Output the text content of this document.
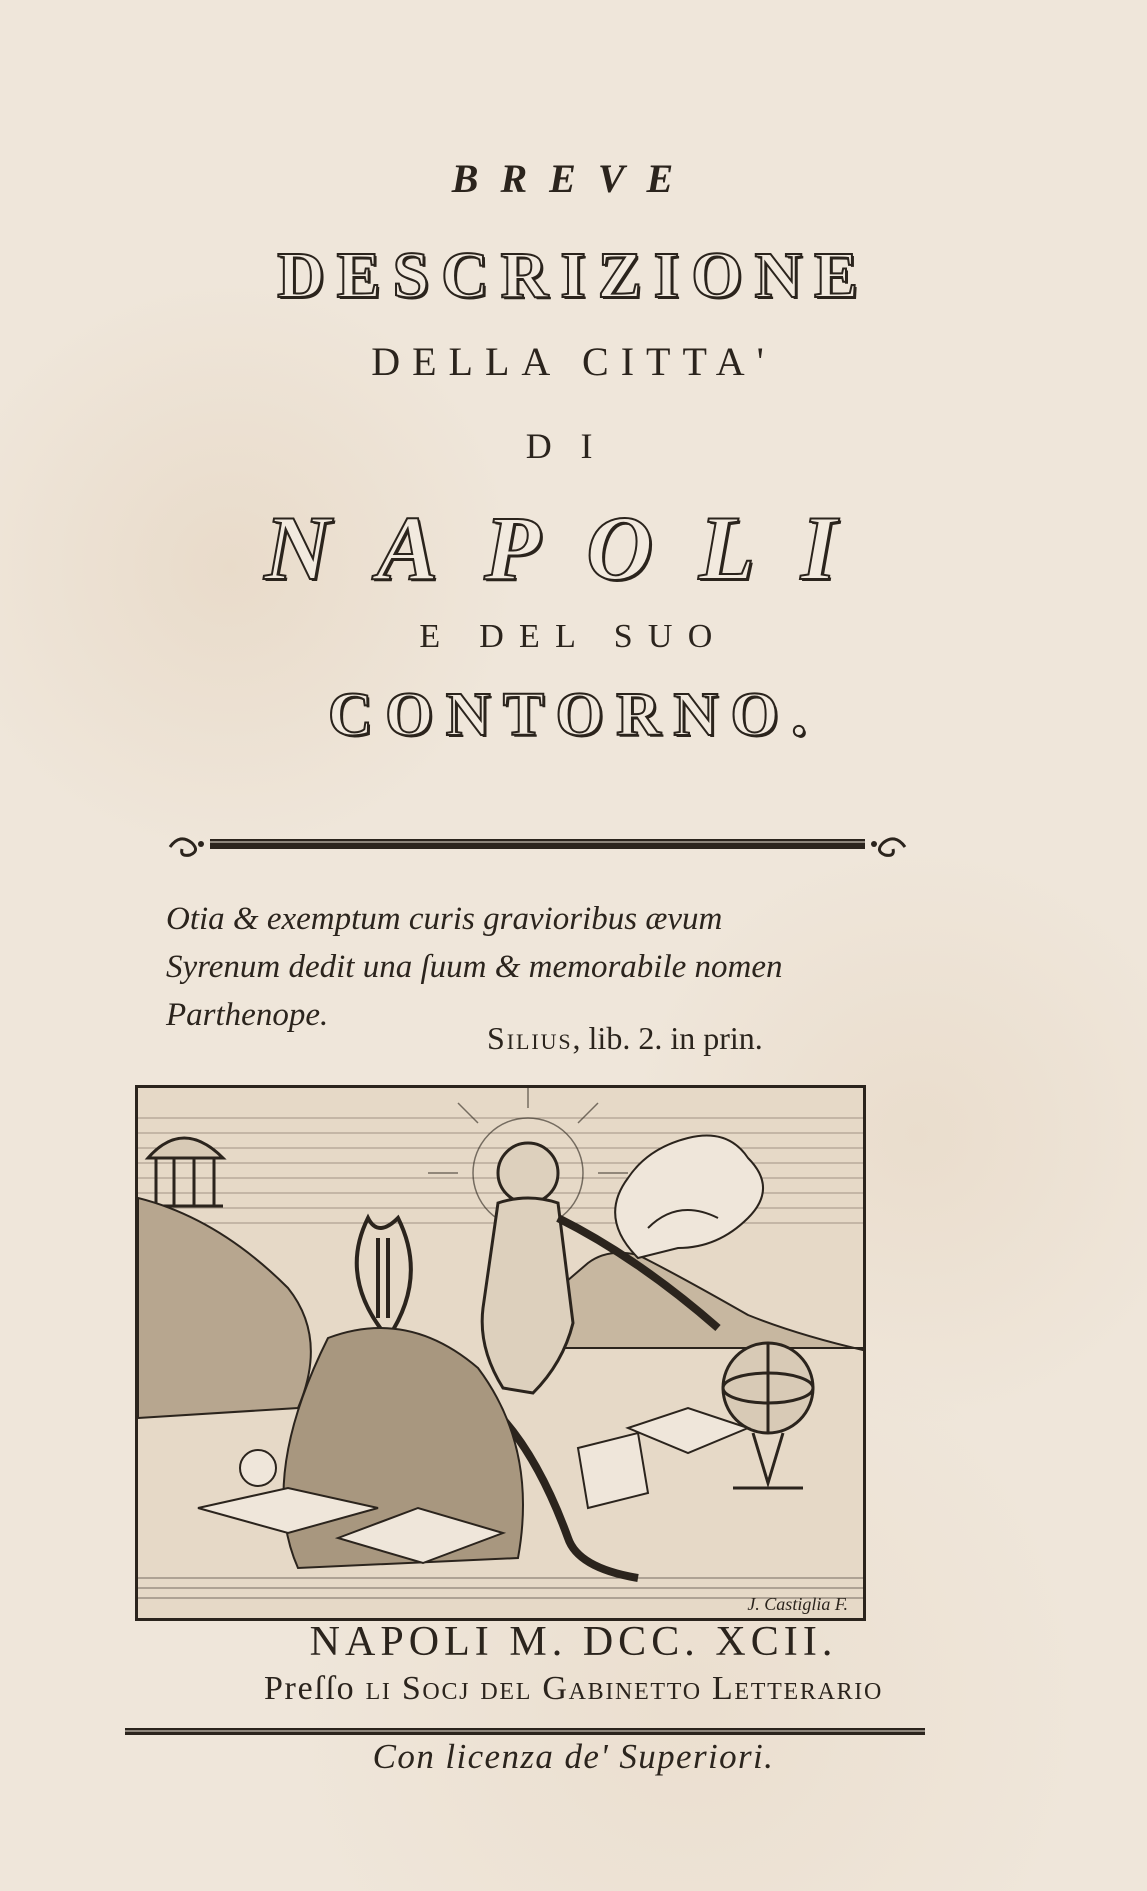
BREVE
DESCRIZIONE
DELLA CITTA'
DI
NAPOLI
E DEL SUO
CONTORNO.
Otia & exemptum curis gravioribus ævum
Syrenum dedit una ſuum & memorabile nomen
Parthenope.
Silius, lib. 2. in prin.
J. Castiglia F.
NAPOLI M. DCC. XCII.
Preſſo li Socj del Gabinetto Letterario
Con licenza de' Superiori.
